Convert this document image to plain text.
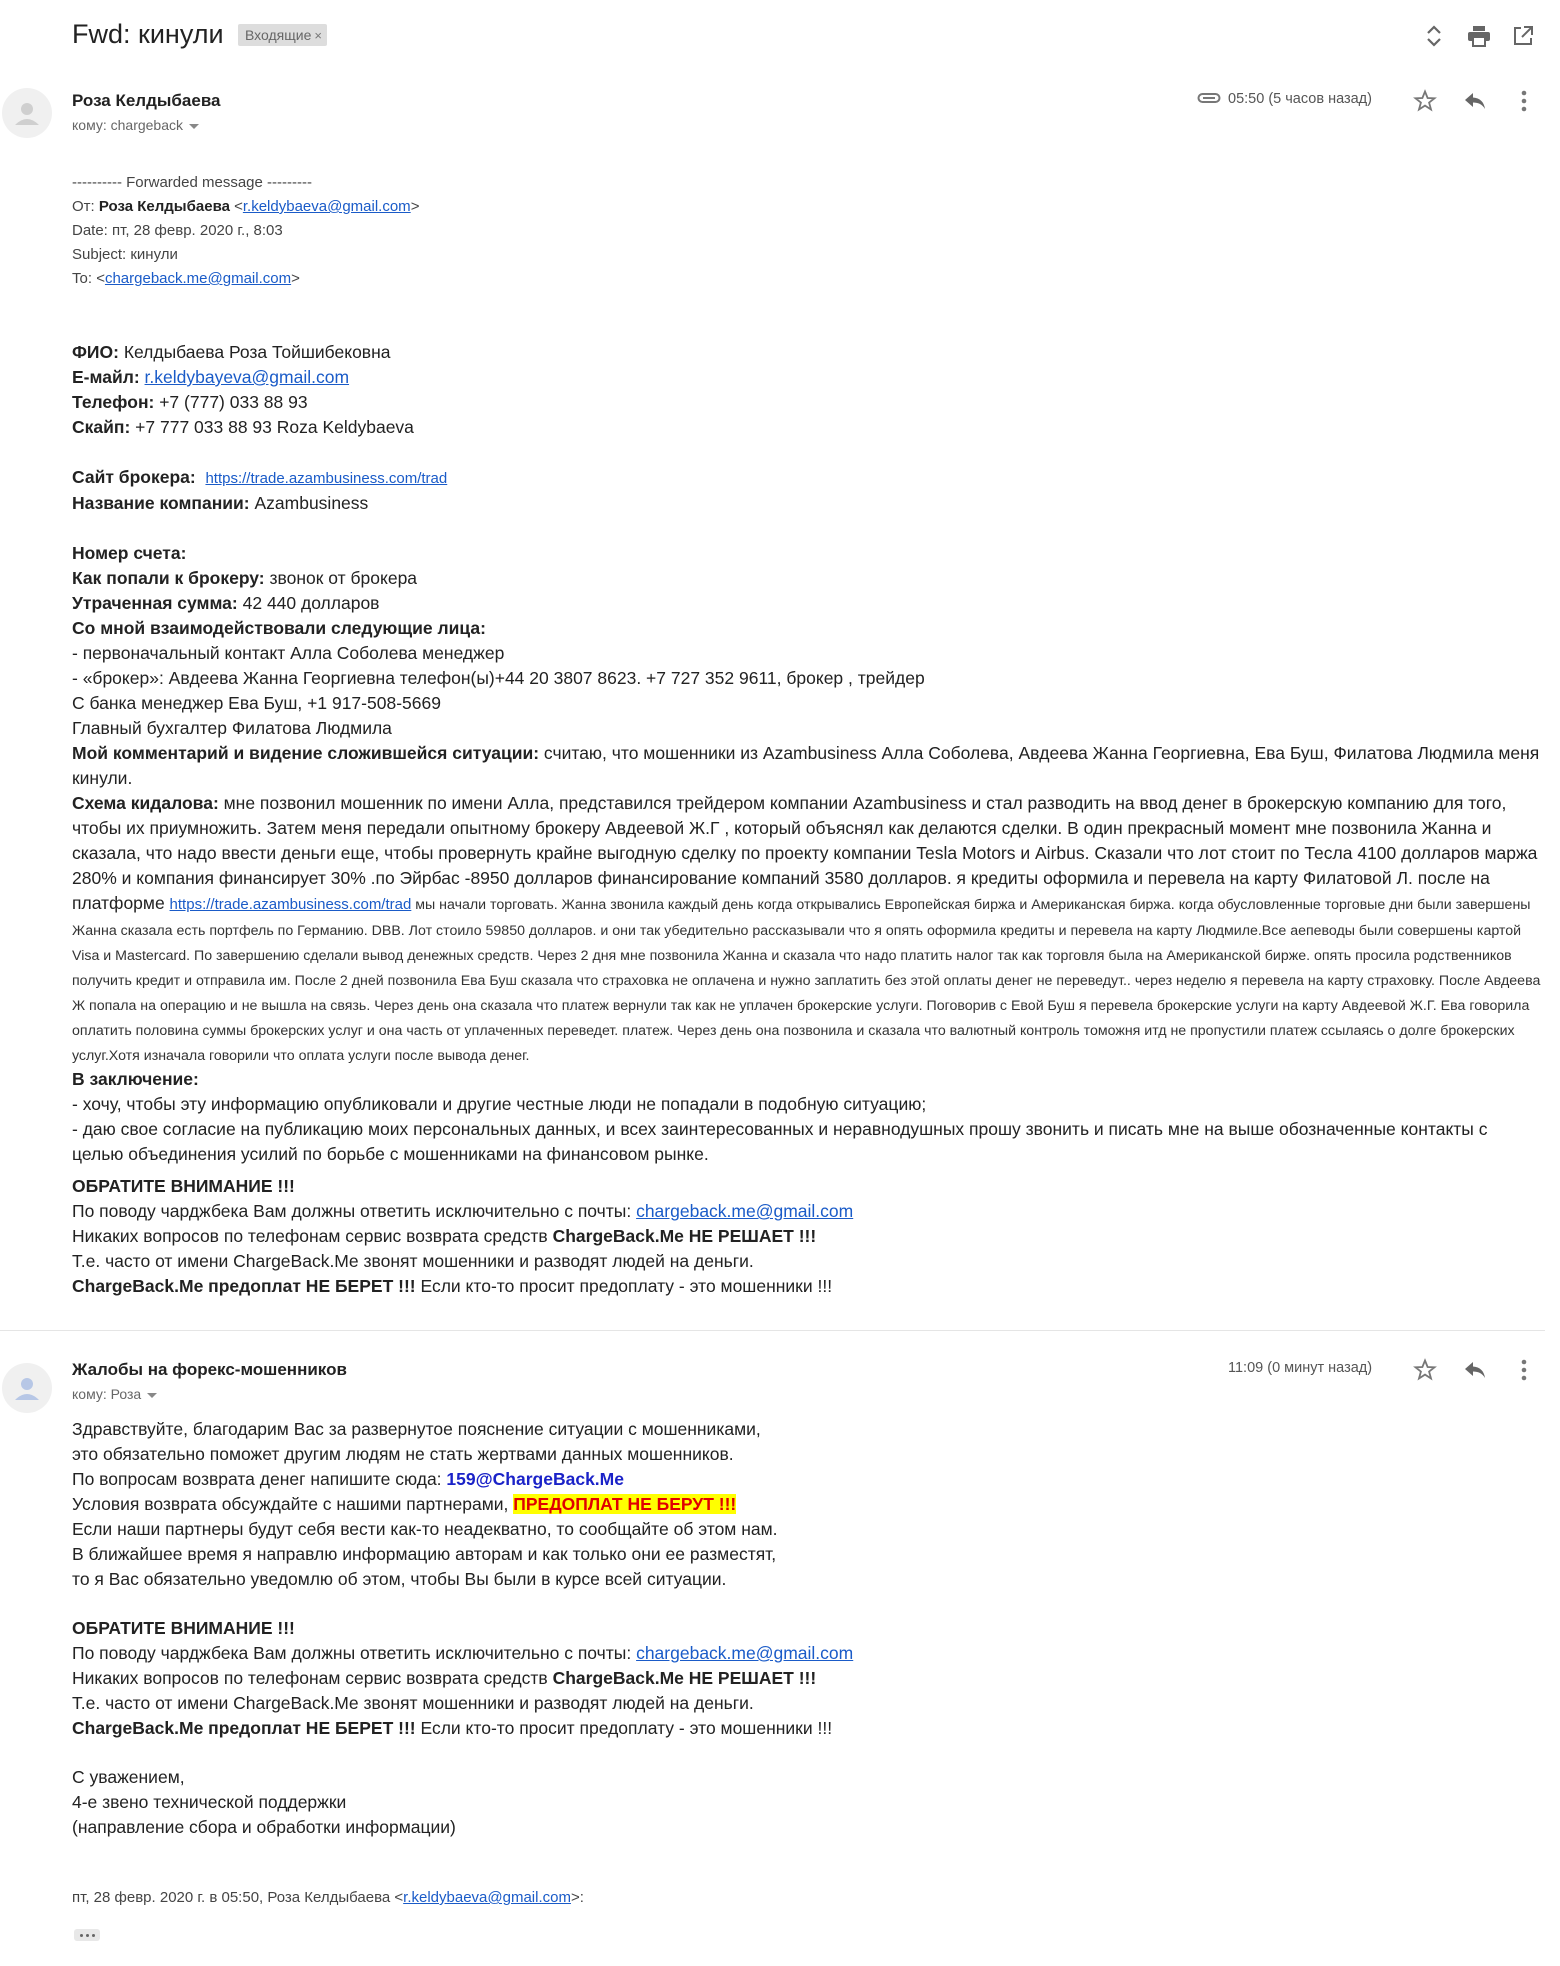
Fwd: кинули	Входящие ×
Роза Келдыбаева
кому: chargeback
05:50 (5 часов назад)
---------- Forwarded message ---------
От: Роза Келдыбаева <r.keldybaeva@gmail.com>
Date: пт, 28 февр. 2020 г., 8:03
Subject: кинули
To: <chargeback.me@gmail.com>
ФИО: Келдыбаева Роза Тойшибековна
Е-майл: r.keldybayeva@gmail.com
Телефон: +7 (777) 033 88 93
Скайп: +7 777 033 88 93 Roza Keldybaeva
Сайт брокера: https://trade.azambusiness.com/trad
Название компании: Azambusiness
Номер счета:
Как попали к брокеру: звонок от брокера
Утраченная сумма: 42 440 долларов
Со мной взаимодействовали следующие лица:
- первоначальный контакт Алла Соболева менеджер
- «брокер»: Авдеева Жанна Георгиевна телефон(ы)+44 20 3807 8623. +7 727 352 9611, брокер , трейдер
С банка менеджер Ева Буш, +1 917-508-5669
Главный бухгалтер Филатова Людмила
Мой комментарий и видение сложившейся ситуации: считаю, что мошенники из Azambusiness Алла Соболева, Авдеева Жанна Георгиевна, Ева Буш, Филатова Людмила меня кинули.
Схема кидалова: мне позвонил мошенник по имени Алла, представился трейдером компании Azambusiness и стал разводить на ввод денег в брокерскую компанию для того, чтобы их приумножить. Затем меня передали опытному брокеру Авдеевой Ж.Г , который объяснял как делаются сделки. В один прекрасный момент мне позвонила Жанна и сказала, что надо ввести деньги еще, чтобы провернуть крайне выгодную сделку по проекту компании Tesla Motors и Airbus. Сказали что лот стоит по Тесла 4100 долларов маржа 280% и компания финансирует 30% .по Эйрбас -8950 долларов финансирование компаний 3580 долларов. я кредиты оформила и перевела на карту Филатовой Л. после на платформе https://trade.azambusiness.com/trad мы начали торговать. Жанна звонила каждый день когда открывались Европейская биржа и Американская биржа. когда обусловленные торговые дни были завершены Жанна сказала есть портфель по Германию. DBB. Лот стоило 59850 долларов. и они так убедительно рассказывали что я опять оформила кредиты и перевела на карту Людмиле.Все аепеводы были совершены картой Visa и Mastercard. По завершению сделали вывод денежных средств. Через 2 дня мне позвонила Жанна и сказала что надо платить налог так как торговля была на Американской бирже. опять просила родственников получить кредит и отправила им. После 2 дней позвонила Ева Буш сказала что страховка не оплачена и нужно заплатить без этой оплаты денег не переведут.. через неделю я перевела на карту страховку. После Авдеева Ж попала на операцию и не вышла на связь. Через день она сказала что платеж вернули так как не уплачен брокерские услуги. Поговорив с Евой Буш я перевела брокерские услуги на карту Авдеевой Ж.Г. Ева говорила оплатить половина суммы брокерских услуг и она часть от уплаченных переведет. платеж. Через день она позвонила и сказала что валютный контроль томожня итд не пропустили платеж ссылаясь о долге брокерских услуг.Хотя изначала говорили что оплата услуги после вывода денег.
В заключение:
- хочу, чтобы эту информацию опубликовали и другие честные люди не попадали в подобную ситуацию;
- даю свое согласие на публикацию моих персональных данных, и всех заинтересованных и неравнодушных прошу звонить и писать мне на выше обозначенные контакты с целью объединения усилий по борьбе с мошенниками на финансовом рынке.
ОБРАТИТЕ ВНИМАНИЕ !!!
По поводу чарджбека Вам должны ответить исключительно с почты: chargeback.me@gmail.com
Никаких вопросов по телефонам сервис возврата средств ChargeBack.Me НЕ РЕШАЕТ !!!
Т.е. часто от имени ChargeBack.Me звонят мошенники и разводят людей на деньги.
ChargeBack.Me предоплат НЕ БЕРЕТ !!! Если кто-то просит предоплату - это мошенники !!!
Жалобы на форекс-мошенников
кому: Роза
11:09 (0 минут назад)
Здравствуйте, благодарим Вас за развернутое пояснение ситуации с мошенниками,
это обязательно поможет другим людям не стать жертвами данных мошенников.
По вопросам возврата денег напишите сюда: 159@ChargeBack.Me
Условия возврата обсуждайте с нашими партнерами, ПРЕДОПЛАТ НЕ БЕРУТ !!!
Если наши партнеры будут себя вести как-то неадекватно, то сообщайте об этом нам.
В ближайшее время я направлю информацию авторам и как только они ее разместят,
то я Вас обязательно уведомлю об этом, чтобы Вы были в курсе всей ситуации.
ОБРАТИТЕ ВНИМАНИЕ !!!
По поводу чарджбека Вам должны ответить исключительно с почты: chargeback.me@gmail.com
Никаких вопросов по телефонам сервис возврата средств ChargeBack.Me НЕ РЕШАЕТ !!!
Т.е. часто от имени ChargeBack.Me звонят мошенники и разводят людей на деньги.
ChargeBack.Me предоплат НЕ БЕРЕТ !!! Если кто-то просит предоплату - это мошенники !!!
С уважением,
4-е звено технической поддержки
(направление сбора и обработки информации)
пт, 28 февр. 2020 г. в 05:50, Роза Келдыбаева <r.keldybaeva@gmail.com>:
